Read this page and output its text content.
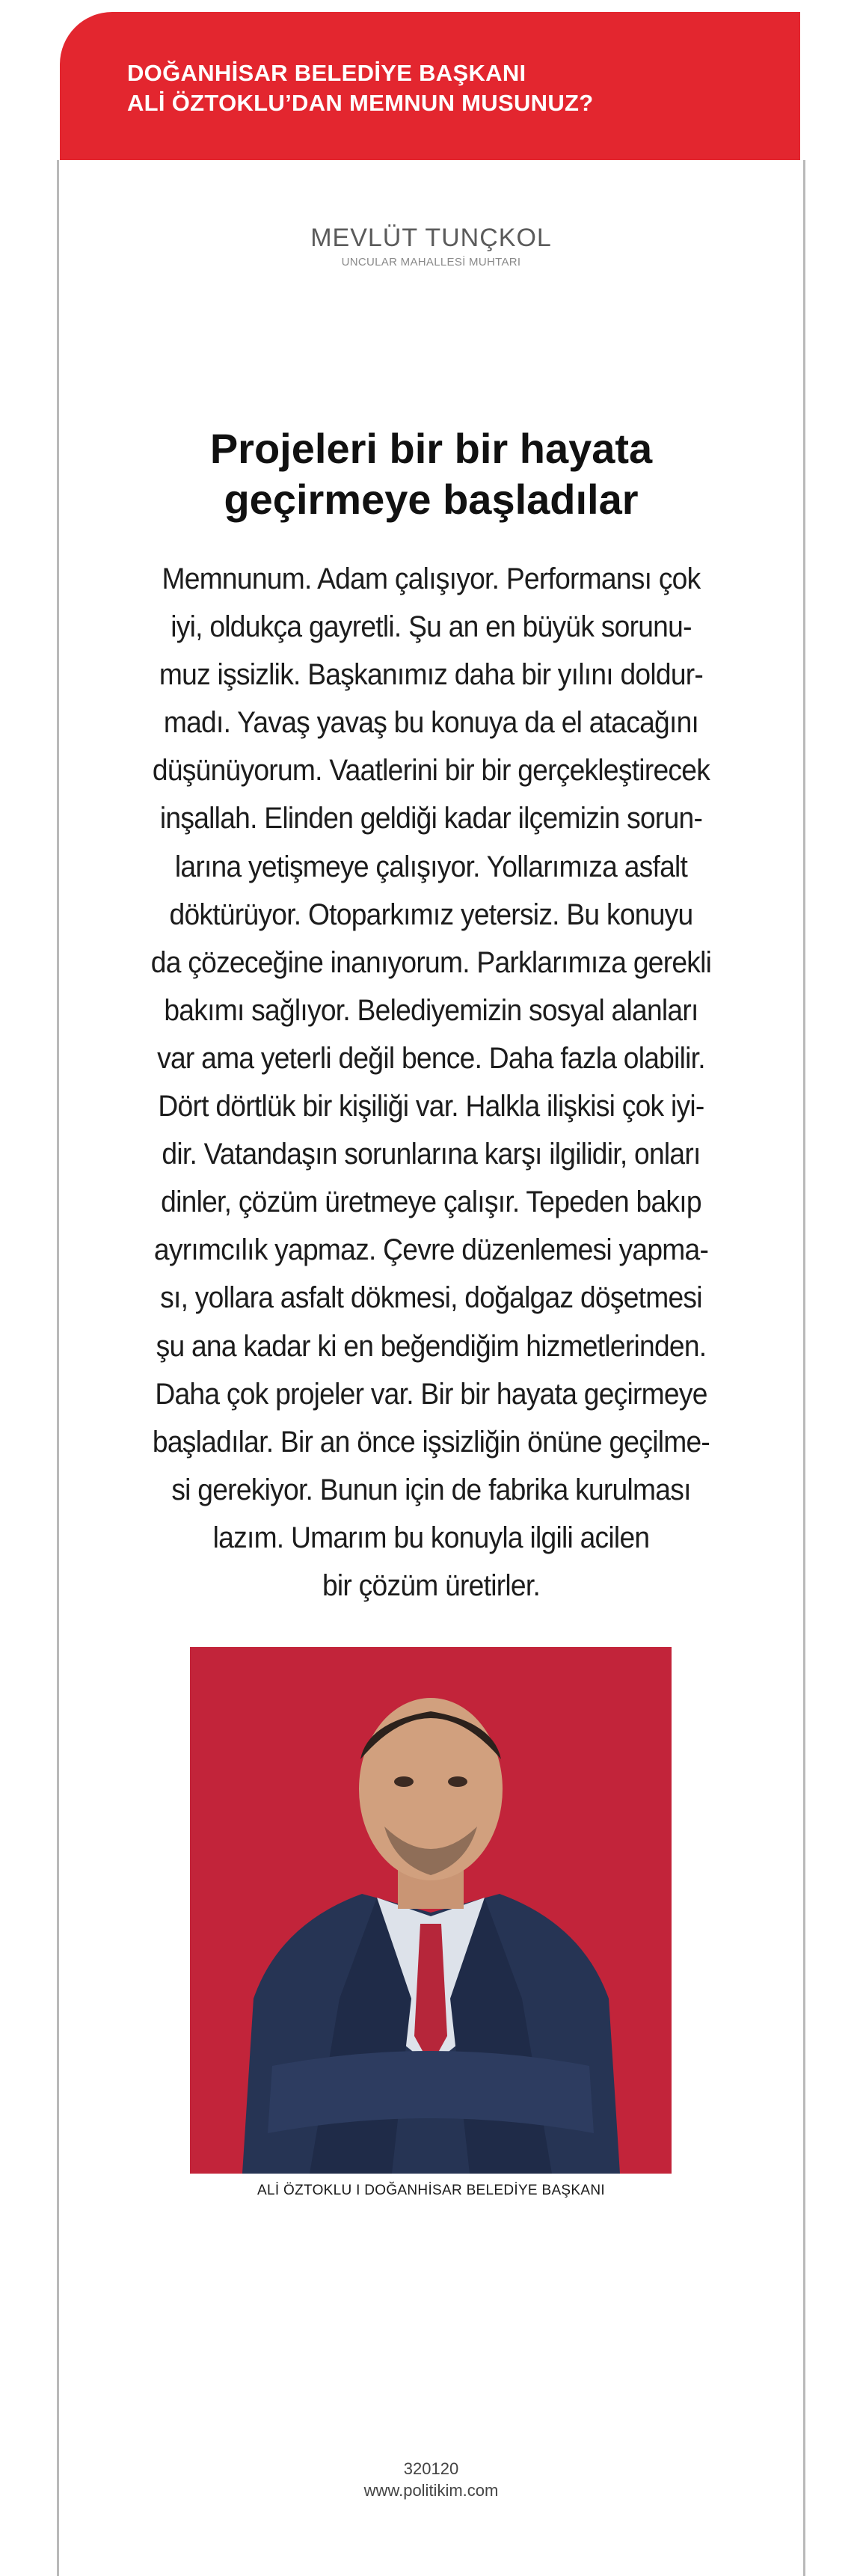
DOĞANHİSAR BELEDİYE BAŞKANI
ALİ ÖZTOKLU’DAN MEMNUN MUSUNUZ?
MEVLÜT TUNÇKOL
UNCULAR MAHALLESİ MUHTARI
Projeleri bir bir hayata
geçirmeye başladılar
Memnunum. Adam çalışıyor. Performansı çok
iyi, oldukça gayretli. Şu an en büyük sorunu-
muz işsizlik. Başkanımız daha bir yılını doldur-
madı. Yavaş yavaş bu konuya da el atacağını
düşünüyorum. Vaatlerini bir bir gerçekleştirecek
inşallah. Elinden geldiği kadar ilçemizin sorun-
larına yetişmeye çalışıyor. Yollarımıza asfalt
döktürüyor. Otoparkımız yetersiz. Bu konuyu
da çözeceğine inanıyorum. Parklarımıza gerekli
bakımı sağlıyor. Belediyemizin sosyal alanları
var ama yeterli değil bence. Daha fazla olabilir.
Dört dörtlük bir kişiliği var. Halkla ilişkisi çok iyi-
dir. Vatandaşın sorunlarına karşı ilgilidir, onları
dinler, çözüm üretmeye çalışır. Tepeden bakıp
ayrımcılık yapmaz. Çevre düzenlemesi yapma-
sı, yollara asfalt dökmesi, doğalgaz döşetmesi
şu ana kadar ki en beğendiğim hizmetlerinden.
Daha çok projeler var. Bir bir hayata geçirmeye
başladılar. Bir an önce işsizliğin önüne geçilme-
si gerekiyor. Bunun için de fabrika kurulması
lazım. Umarım bu konuyla ilgili acilen
bir çözüm üretirler.
ALİ ÖZTOKLU I DOĞANHİSAR BELEDİYE BAŞKANI
320120
www.politikim.com
